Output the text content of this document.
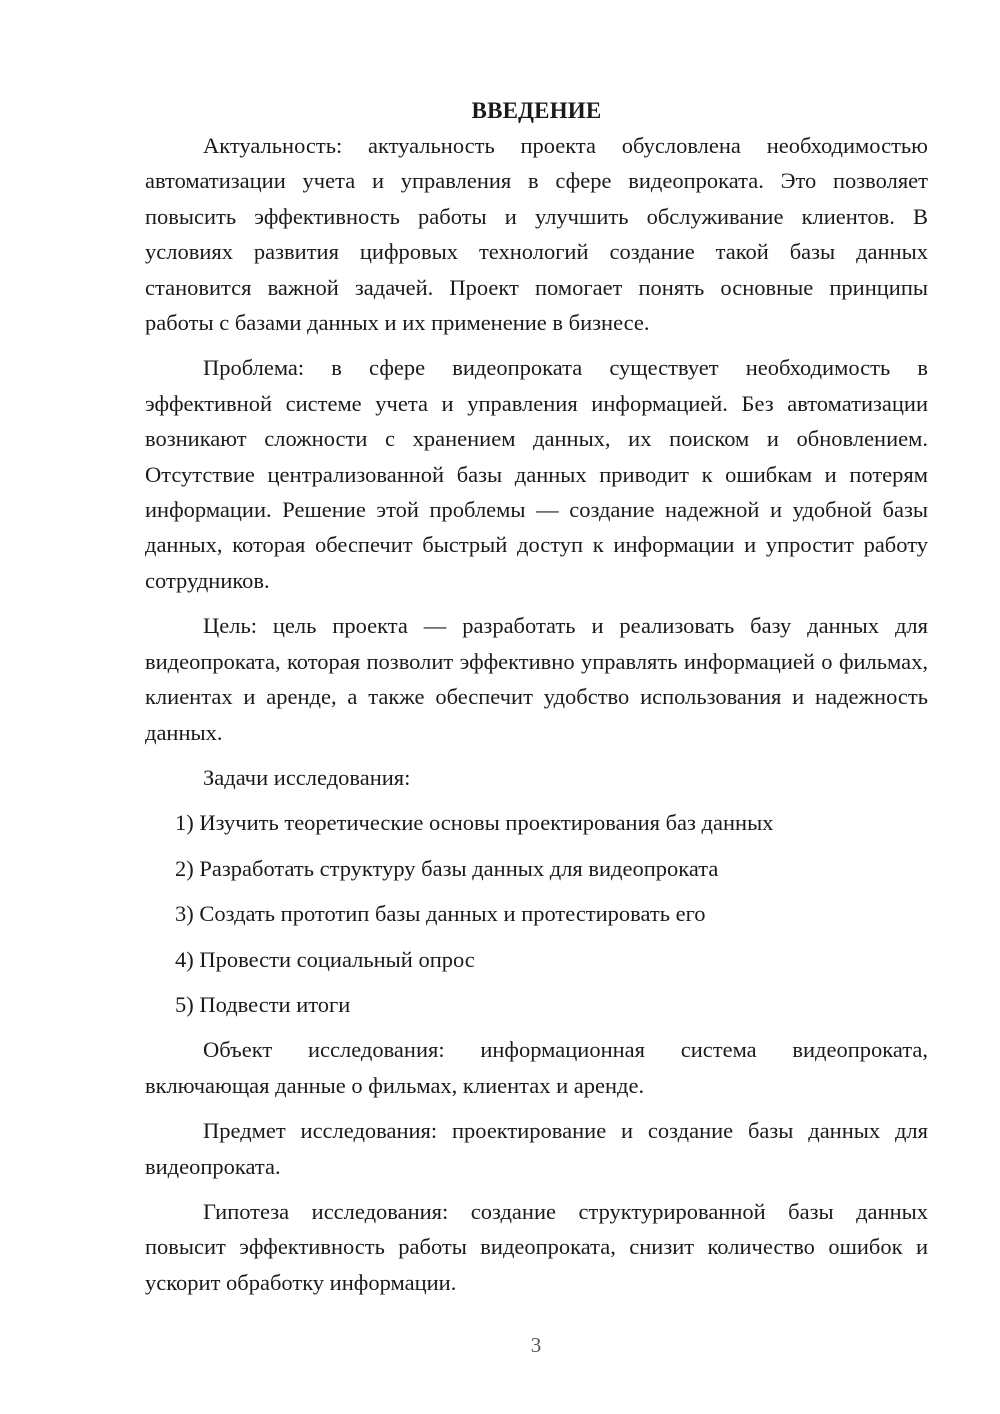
ВВЕДЕНИЕ

Актуальность: актуальность проекта обусловлена необходимостью автоматизации учета и управления в сфере видеопроката. Это позволяет повысить эффективность работы и улучшить обслуживание клиентов. В условиях развития цифровых технологий создание такой базы данных становится важной задачей. Проект помогает понять основные принципы работы с базами данных и их применение в бизнесе.

Проблема: в сфере видеопроката существует необходимость в эффективной системе учета и управления информацией. Без автоматизации возникают сложности с хранением данных, их поиском и обновлением. Отсутствие централизованной базы данных приводит к ошибкам и потерям информации. Решение этой проблемы — создание надежной и удобной базы данных, которая обеспечит быстрый доступ к информации и упростит работу сотрудников.

Цель: цель проекта — разработать и реализовать базу данных для видеопроката, которая позволит эффективно управлять информацией о фильмах, клиентах и аренде, а также обеспечит удобство использования и надежность данных.

Задачи исследования:

1) Изучить теоретические основы проектирования баз данных
2) Разработать структуру базы данных для видеопроката
3) Создать прототип базы данных и протестировать его
4) Провести социальный опрос
5) Подвести итоги

Объект исследования: информационная система видеопроката, включающая данные о фильмах, клиентах и аренде.

Предмет исследования: проектирование и создание базы данных для видеопроката.

Гипотеза исследования: создание структурированной базы данных повысит эффективность работы видеопроката, снизит количество ошибок и ускорит обработку информации.

3
